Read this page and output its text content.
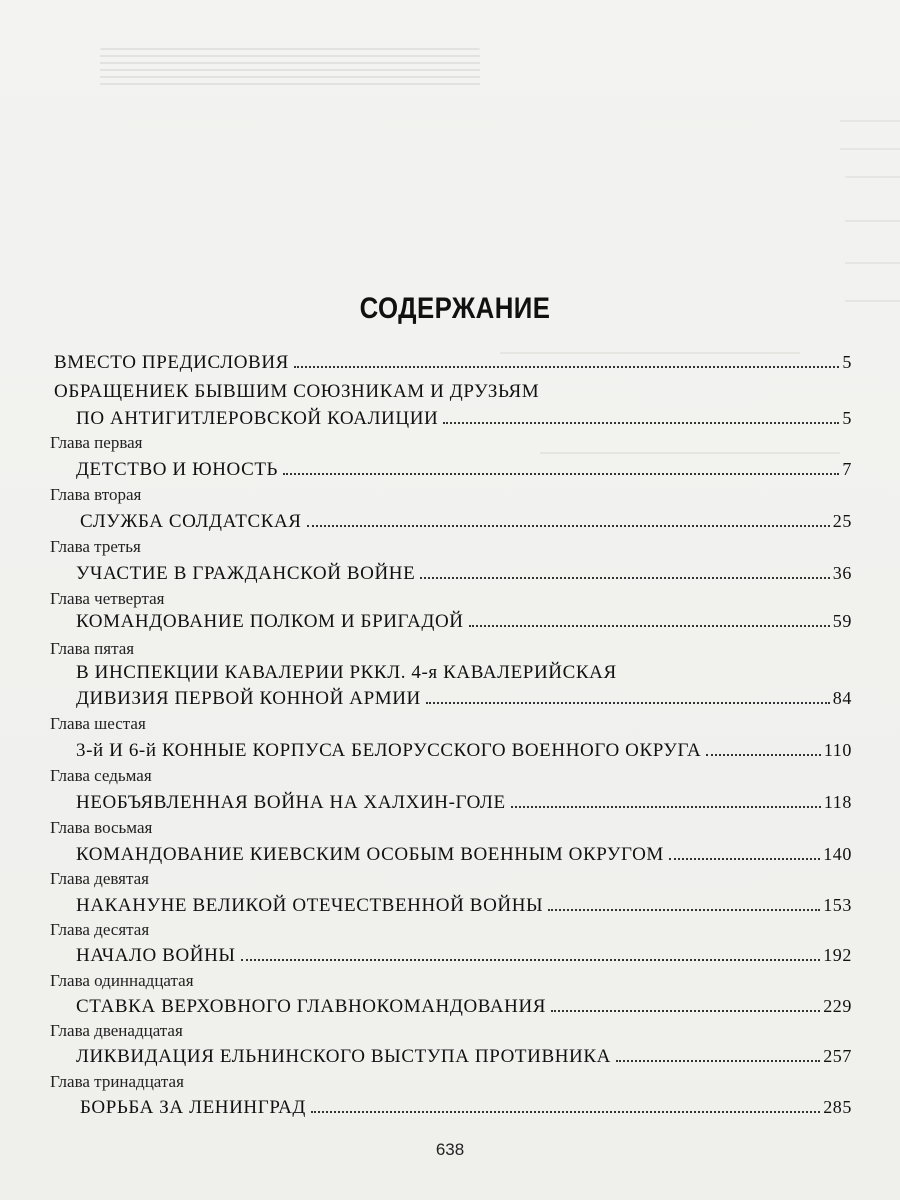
СОДЕРЖАНИЕ
ВМЕСТО ПРЕДИСЛОВИЯ	5
ОБРАЩЕНИЕК БЫВШИМ СОЮЗНИКАМ И ДРУЗЬЯМ
ПО АНТИГИТЛЕРОВСКОЙ КОАЛИЦИИ	5
Глава первая
ДЕТСТВО И ЮНОСТЬ	7
Глава вторая
СЛУЖБА СОЛДАТСКАЯ	25
Глава третья
УЧАСТИЕ В ГРАЖДАНСКОЙ ВОЙНЕ	36
Глава четвертая
КОМАНДОВАНИЕ ПОЛКОМ И БРИГАДОЙ	59
Глава пятая
В ИНСПЕКЦИИ КАВАЛЕРИИ РККЛ. 4-я КАВАЛЕРИЙСКАЯ
ДИВИЗИЯ ПЕРВОЙ КОННОЙ АРМИИ	84
Глава шестая
3-й И 6-й КОННЫЕ КОРПУСА БЕЛОРУССКОГО ВОЕННОГО ОКРУГА	110
Глава седьмая
НЕОБЪЯВЛЕННАЯ ВОЙНА НА ХАЛХИН-ГОЛЕ	118
Глава восьмая
КОМАНДОВАНИЕ КИЕВСКИМ ОСОБЫМ ВОЕННЫМ ОКРУГОМ	140
Глава девятая
НАКАНУНЕ ВЕЛИКОЙ ОТЕЧЕСТВЕННОЙ ВОЙНЫ	153
Глава десятая
НАЧАЛО ВОЙНЫ	192
Глава одиннадцатая
СТАВКА ВЕРХОВНОГО ГЛАВНОКОМАНДОВАНИЯ	229
Глава двенадцатая
ЛИКВИДАЦИЯ ЕЛЬНИНСКОГО ВЫСТУПА ПРОТИВНИКА	257
Глава тринадцатая
БОРЬБА ЗА ЛЕНИНГРАД	285
638
